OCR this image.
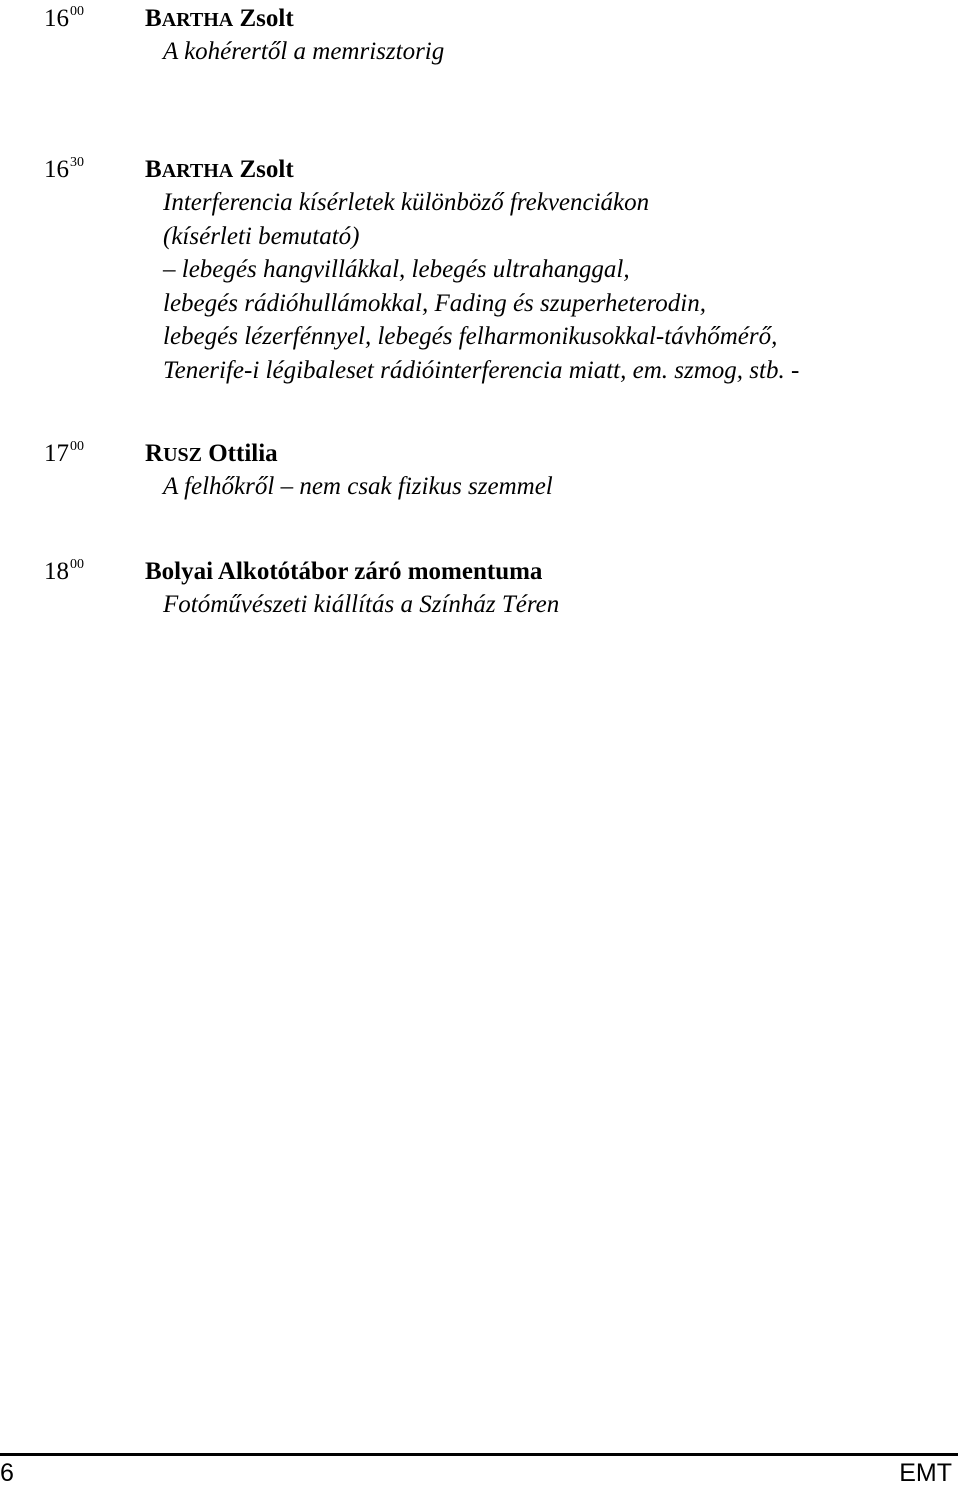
$16^{00}$ BARTHA Zsolt
A kohérertől a memrisztorig
$16^{30}$ BARTHA Zsolt
Interferencia kísérletek különböző frekvenciákon
(kísérleti bemutató)
– lebegés hangvillákkal, lebegés ultrahanggal,
lebegés rádióhullámokkal, Fading és szuperheterodin,
lebegés lézerfénnyel, lebegés felharmonikusokkal-távhőmérő,
Tenerife-i légibaleset rádióinterferencia miatt, em. szmog, stb. -
$17^{00}$ RUSZ Ottilia
A felhőkről – nem csak fizikus szemmel
$18^{00}$ Bolyai Alkotótábor záró momentuma
Fotóművészeti kiállítás a Színház Téren
6	EMT
